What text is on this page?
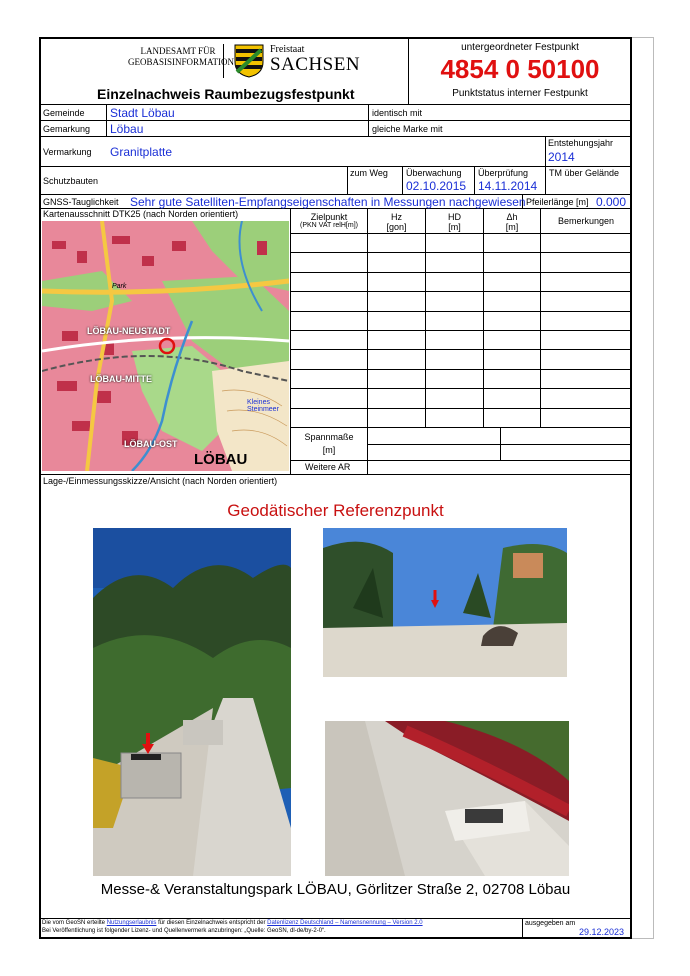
LANDESAMT FÜR
GEOBASISINFORMATION
Freistaat
SACHSEN
Einzelnachweis Raumbezugsfestpunkt
untergeordneter Festpunkt
4854 0 50100
Punktstatus interner Festpunkt
Gemeinde Stadt Löbau	identisch mit
Gemarkung Löbau	gleiche Marke mit
Vermarkung Granitplatte
Entstehungsjahr
2014
Schutzbauten
zum Weg Überwachung
02.10.2015
Überprüfung
14.11.2014
TM über Gelände
GNSS-Tauglichkeit Sehr gute Satelliten-Empfangseigenschaften in Messungen nachgewiesen Pfeilerlänge [m] 0.000
Kartenausschnitt DTK25 (nach Norden orientiert)
LÖBAU-NEUSTADT
LÖBAU-MITTE
LÖBAU-OST
LÖBAU
Kleines Steinmeer
Park
Zielpunkt
(PKN VAT relH[m])
Hz
[gon]
HD
[m]
Δh
[m]
Bemerkungen
Spannmaße
[m]
Weitere AR
Lage-/Einmessungsskizze/Ansicht (nach Norden orientiert)
Geodätischer Referenzpunkt
Messe-& Veranstaltungspark LÖBAU, Görlitzer Straße 2, 02708 Löbau
Die vom GeoSN erteilte Nutzungserlaubnis für diesen Einzelnachweis entspricht der Datenlizenz Deutschland – Namensnennung – Version 2.0
Bei Veröffentlichung ist folgender Lizenz- und Quellenvermerk anzubringen: „Quelle: GeoSN, dl-de/by-2-0“.
ausgegeben am
29.12.2023
